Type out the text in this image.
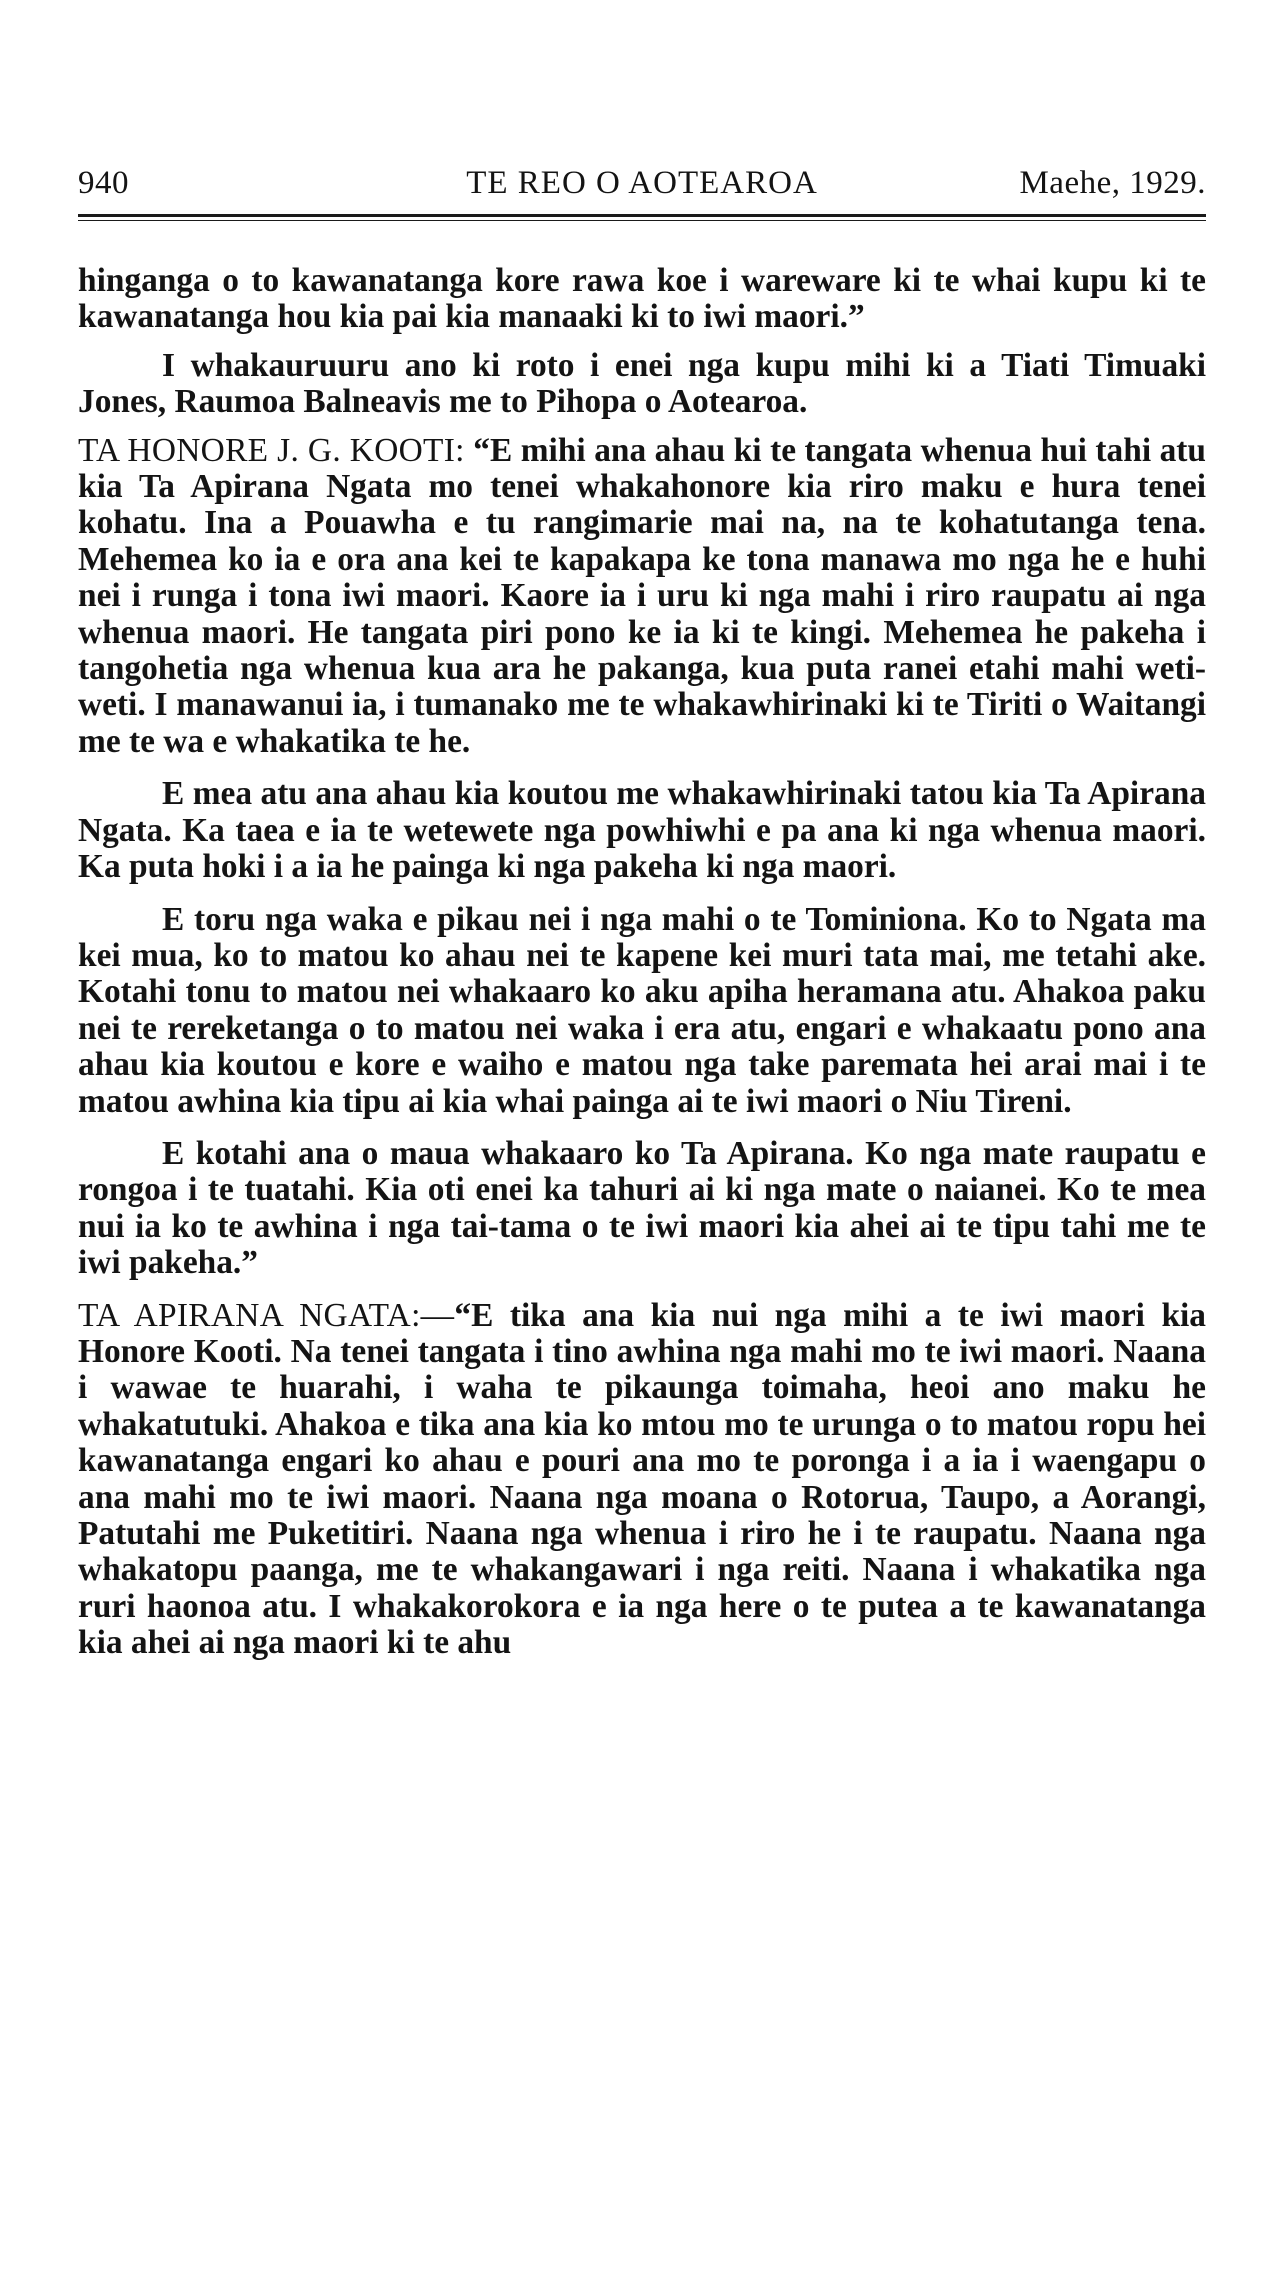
940	TE REO O AOTEAROA	Maehe, 1929.

hinganga o to kawanatanga kore rawa koe i wareware ki te whai kupu ki te kawanatanga hou kia pai kia manaaki ki to iwi maori.”

I whakauruuru ano ki roto i enei nga kupu mihi ki a Tiati Timuaki Jones, Raumoa Balneavis me to Pihopa o Aotearoa.

TA HONORE J. G. KOOTI: “E mihi ana ahau ki te tangata whenua hui tahi atu kia Ta Apirana Ngata mo tenei whakahonore kia riro maku e hura tenei kohatu. Ina a Pouawha e tu rangimarie mai na, na te kohatutanga tena. Mehemea ko ia e ora ana kei te kapakapa ke tona manawa mo nga he e huhi nei i runga i tona iwi maori. Kaore ia i uru ki nga mahi i riro raupatu ai nga whenua maori. He tangata piri pono ke ia ki te kingi. Mehemea he pakeha i tangohetia nga whenua kua ara he pakanga, kua puta ranei etahi mahi weti-weti. I manawanui ia, i tumanako me te whakawhirinaki ki te Tiriti o Waitangi me te wa e whakatika te he.

E mea atu ana ahau kia koutou me whakawhirinaki tatou kia Ta Apirana Ngata. Ka taea e ia te wetewete nga powhiwhi e pa ana ki nga whenua maori. Ka puta hoki i a ia he painga ki nga pakeha ki nga maori.

E toru nga waka e pikau nei i nga mahi o te Tominiona. Ko to Ngata ma kei mua, ko to matou ko ahau nei te kapene kei muri tata mai, me tetahi ake. Kotahi tonu to matou nei whakaaro ko aku apiha heramana atu. Ahakoa paku nei te rereketanga o to matou nei waka i era atu, engari e whakaatu pono ana ahau kia koutou e kore e waiho e matou nga take paremata hei arai mai i te matou awhina kia tipu ai kia whai painga ai te iwi maori o Niu Tireni.

E kotahi ana o maua whakaaro ko Ta Apirana. Ko nga mate raupatu e rongoa i te tuatahi. Kia oti enei ka tahuri ai ki nga mate o naianei. Ko te mea nui ia ko te awhina i nga tai-tama o te iwi maori kia ahei ai te tipu tahi me te iwi pakeha.”

TA APIRANA NGATA:—“E tika ana kia nui nga mihi a te iwi maori kia Honore Kooti. Na tenei tangata i tino awhina nga mahi mo te iwi maori. Naana i wawae te huarahi, i waha te pikaunga toimaha, heoi ano maku he whakatutuki. Ahakoa e tika ana kia ko mtou mo te urunga o to matou ropu hei kawanatanga engari ko ahau e pouri ana mo te poronga i a ia i waengapu o ana mahi mo te iwi maori. Naana nga moana o Rotorua, Taupo, a Aorangi, Patutahi me Puketitiri. Naana nga whenua i riro he i te raupatu. Naana nga whakatopu paanga, me te whakangawari i nga reiti. Naana i whakatika nga ruri haonoa atu. I whakakorokora e ia nga here o te putea a te kawanatanga kia ahei ai nga maori ki te ahu
